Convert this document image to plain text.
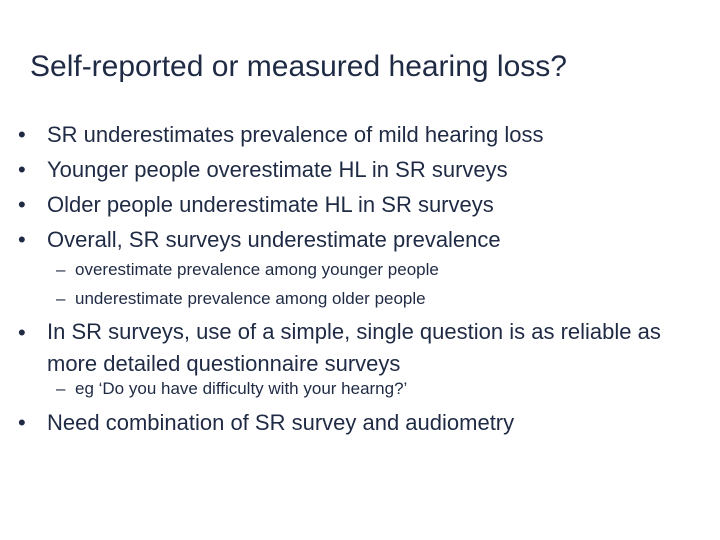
Self-reported or measured hearing loss?
• SR underestimates prevalence of mild hearing loss
• Younger people overestimate HL in SR surveys
• Older people underestimate HL in SR surveys
• Overall, SR surveys underestimate prevalence
– overestimate prevalence among younger people
– underestimate prevalence among older people
• In SR surveys, use of a simple, single question is as reliable as more detailed questionnaire surveys
– eg ‘Do you have difficulty with your hearng?’
• Need combination of SR survey and audiometry
